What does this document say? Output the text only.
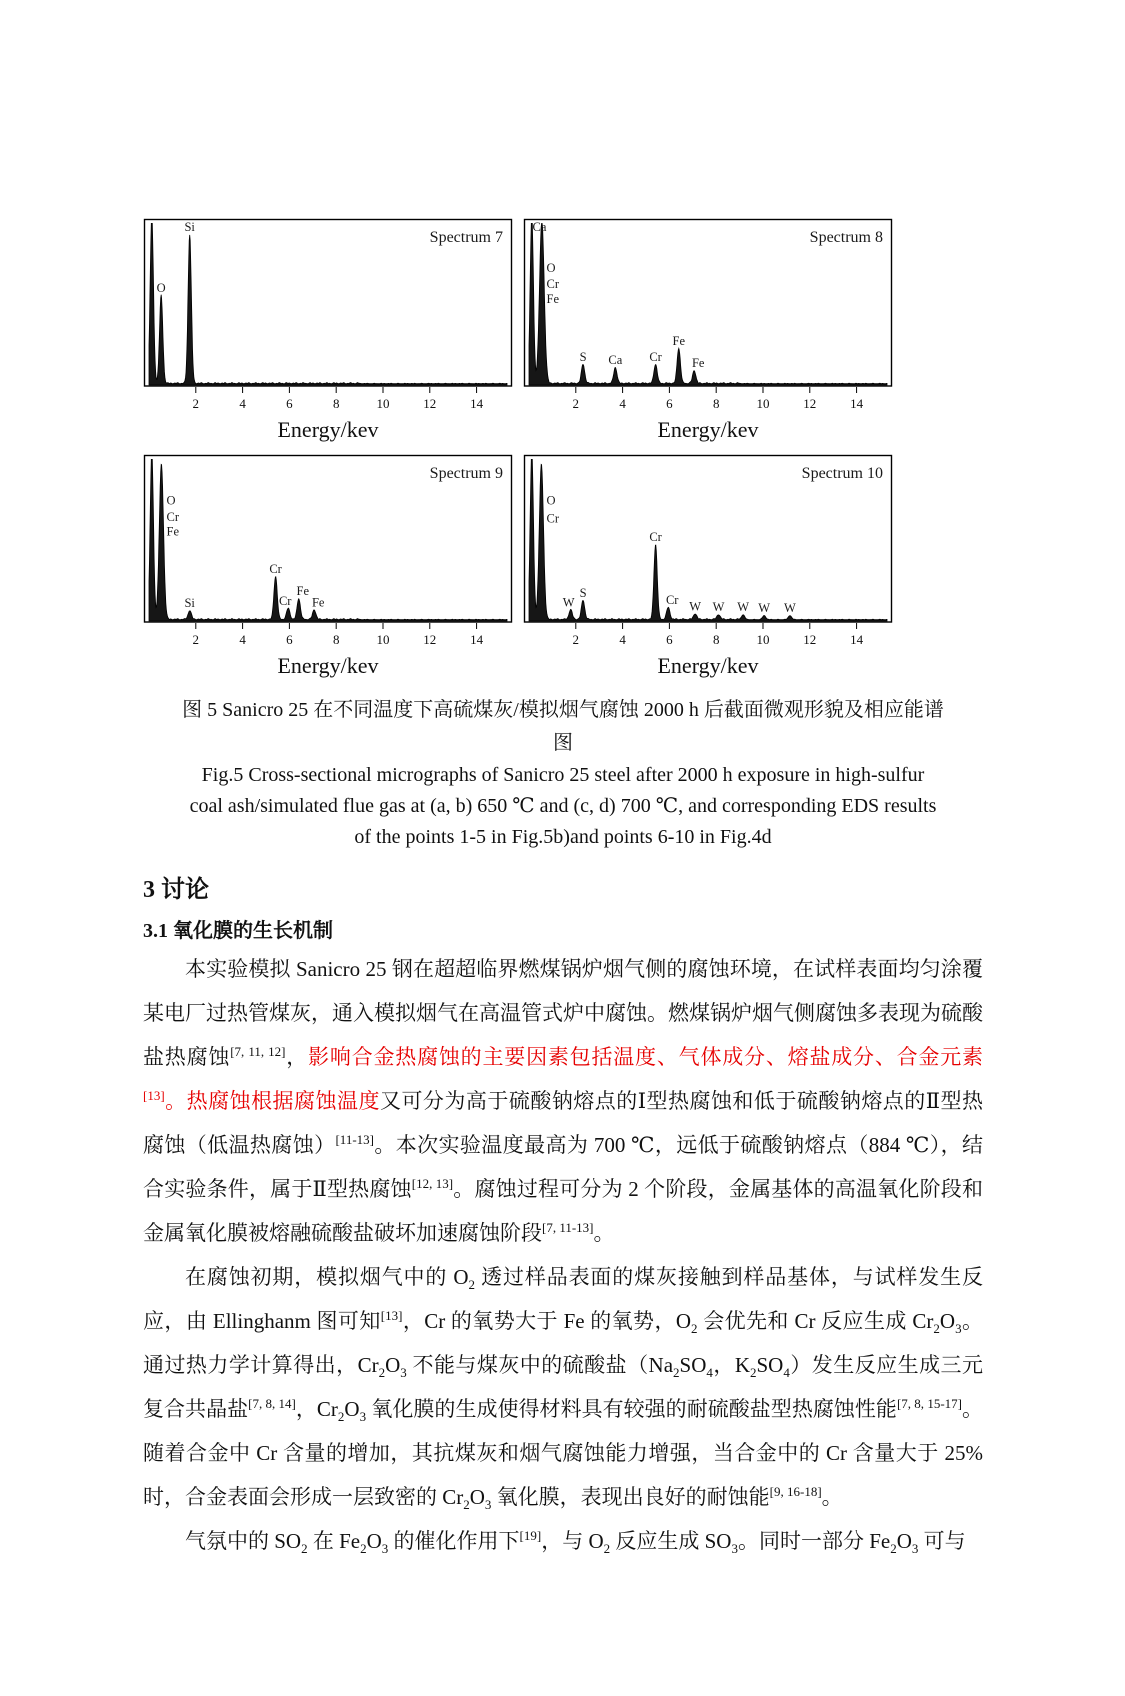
2	4	6	8	10	12	14
Spectrum 7
O
Si
Energy/kev
2	4	6	8	10	12	14
Spectrum 8
S Ca Cr
Fe
Fe
Ca
O
Cr
Fe
Energy/kev
2	4	6	8	10	12	14
Spectrum 9
Si
Cr
Cr
Fe
Fe
O
Cr
Fe
Energy/kev
2	4	6	8	10	12	14
Spectrum 10
W
S
Cr
Cr W W W W W
O
Cr
Energy/kev
图 5 Sanicro 25 在不同温度下高硫煤灰/模拟烟气腐蚀 2000 h 后截面微观形貌及相应能谱
图
Fig.5 Cross-sectional micrographs of Sanicro 25 steel after 2000 h exposure in high-sulfur
coal ash/simulated flue gas at (a, b) 650 ℃ and (c, d) 700 ℃, and corresponding EDS results
of the points 1-5 in Fig.5b)and points 6-10 in Fig.4d
3 讨论
3.1 氧化膜的生长机制

本实验模拟 Sanicro 25 钢在超超临界燃煤锅炉烟气侧的腐蚀环境，在试样表面均匀涂覆某电厂过热管煤灰，通入模拟烟气在高温管式炉中腐蚀。燃煤锅炉烟气侧腐蚀多表现为硫酸盐热腐蚀[7, 11, 12]，影响合金热腐蚀的主要因素包括温度、气体成分、熔盐成分、合金元素[13]。热腐蚀根据腐蚀温度又可分为高于硫酸钠熔点的Ⅰ型热腐蚀和低于硫酸钠熔点的Ⅱ型热腐蚀（低温热腐蚀）[11-13]。本次实验温度最高为 700 ℃，远低于硫酸钠熔点（884 ℃），结合实验条件，属于Ⅱ型热腐蚀[12, 13]。腐蚀过程可分为 2 个阶段，金属基体的高温氧化阶段和金属氧化膜被熔融硫酸盐破坏加速腐蚀阶段[7, 11-13]。

在腐蚀初期，模拟烟气中的 $O_2$ 透过样品表面的煤灰接触到样品基体，与试样发生反应，由 Ellinghanm 图可知[13]，Cr 的氧势大于 Fe 的氧势，$O_2$ 会优先和 Cr 反应生成 $Cr_2O_3$。通过热力学计算得出，$Cr_2O_3$ 不能与煤灰中的硫酸盐（$Na_2SO_4$，$K_2SO_4$）发生反应生成三元复合共晶盐[7, 8, 14]，$Cr_2O_3$ 氧化膜的生成使得材料具有较强的耐硫酸盐型热腐蚀性能[7, 8, 15-17]。随着合金中 Cr 含量的增加，其抗煤灰和烟气腐蚀能力增强，当合金中的 Cr 含量大于 25%时，合金表面会形成一层致密的 $Cr_2O_3$ 氧化膜，表现出良好的耐蚀能[9, 16-18]。

气氛中的 $SO_2$ 在 $Fe_2O_3$ 的催化作用下[19]，与 $O_2$ 反应生成 $SO_3$。同时一部分 $Fe_2O_3$ 可与
